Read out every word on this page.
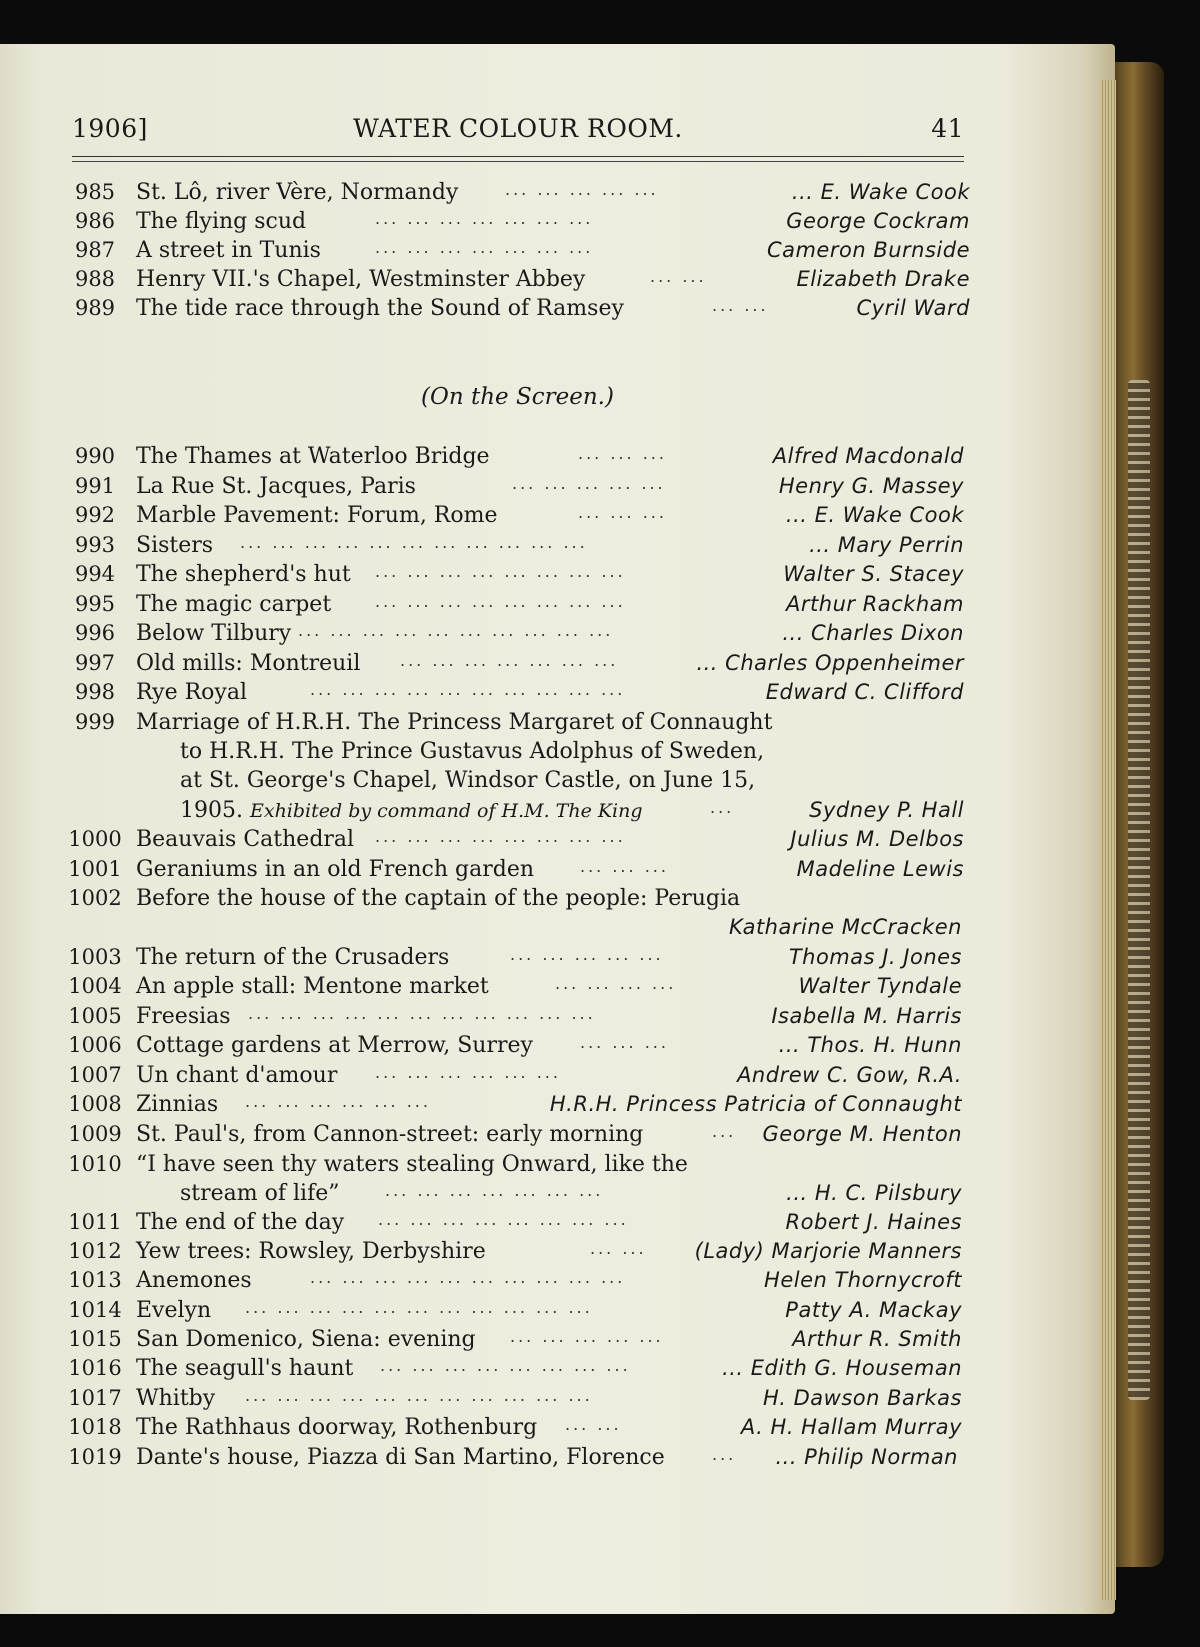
1906]	WATER COLOUR ROOM.	41
985 St. Lô, river Vère, Normandy	... ... ... ... ...	... E. Wake Cook
986 The flying scud	... ... ... ... ... ... ...	George Cockram
987 A street in Tunis	... ... ... ... ... ... ...	Cameron Burnside
988 Henry VII.'s Chapel, Westminster Abbey	... ...	Elizabeth Drake
989 The tide race through the Sound of Ramsey	... ...	Cyril Ward
(On the Screen.)
990 The Thames at Waterloo Bridge	... ... ...	Alfred Macdonald
991 La Rue St. Jacques, Paris	... ... ... ... ...	Henry G. Massey
992 Marble Pavement: Forum, Rome	... ... ...	... E. Wake Cook
993 Sisters ... ... ... ... ... ... ... ... ... ... ...	... Mary Perrin
994 The shepherd's hut ... ... ... ... ... ... ... ...	Walter S. Stacey
995 The magic carpet	... ... ... ... ... ... ... ...	Arthur Rackham
996 Below Tilbury ... ... ... ... ... ... ... ... ... ...	... Charles Dixon
997 Old mills: Montreuil ... ... ... ... ... ... ...	... Charles Oppenheimer
998 Rye Royal	... ... ... ... ... ... ... ... ... ...	Edward C. Clifford
999 Marriage of H.R.H. The Princess Margaret of Connaught
to H.R.H. The Prince Gustavus Adolphus of Sweden,
at St. George's Chapel, Windsor Castle, on June 15,
1905. Exhibited by command of H.M. The King	...	Sydney P. Hall
1000 Beauvais Cathedral ... ... ... ... ... ... ... ...	Julius M. Delbos
1001 Geraniums in an old French garden	... ... ...	Madeline Lewis
1002 Before the house of the captain of the people: Perugia
Katharine McCracken
1003 The return of the Crusaders	... ... ... ... ...	Thomas J. Jones
1004 An apple stall: Mentone market	... ... ... ...	Walter Tyndale
1005 Freesias ... ... ... ... ... ... ... ... ... ... ...	Isabella M. Harris
1006 Cottage gardens at Merrow, Surrey	... ... ...	... Thos. H. Hunn
1007 Un chant d'amour ... ... ... ... ... ...	Andrew C. Gow, R.A.
1008 Zinnias ... ... ... ... ... ...	H.R.H. Princess Patricia of Connaught
1009 St. Paul's, from Cannon-street: early morning	... George M. Henton
1010 “I have seen thy waters stealing Onward, like the
stream of life”	... ... ... ... ... ... ...	... H. C. Pilsbury
1011 The end of the day ... ... ... ... ... ... ... ...	Robert J. Haines
1012 Yew trees: Rowsley, Derbyshire	... ... (Lady) Marjorie Manners
1013 Anemones	... ... ... ... ... ... ... ... ... ...	Helen Thornycroft
1014 Evelyn ... ... ... ... ... ... ... ... ... ... ...	Patty A. Mackay
1015 San Domenico, Siena: evening ... ... ... ... ...	Arthur R. Smith
1016 The seagull's haunt ... ... ... ... ... ... ... ...	... Edith G. Houseman
1017 Whitby ... ... ... ... ... ... ... ... ... ... ...	H. Dawson Barkas
1018 The Rathhaus doorway, Rothenburg ... ...	A. H. Hallam Murray
1019 Dante's house, Piazza di San Martino, Florence	... ... Philip Norman
